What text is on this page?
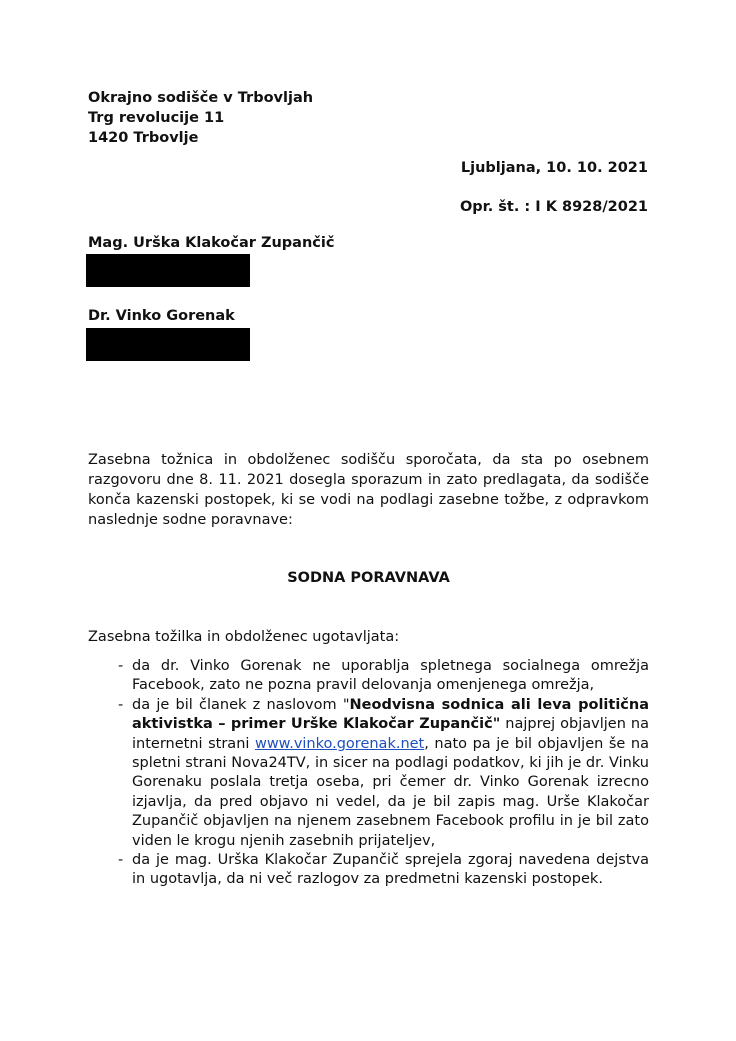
Okrajno sodišče v Trbovljah
Trg revolucije 11
1420 Trbovlje
Ljubljana, 10. 10. 2021
Opr. št. : I K 8928/2021
Mag. Urška Klakočar Zupančič
Dr. Vinko Gorenak
Zasebna tožnica in obdolženec sodišču sporočata, da sta po osebnem razgovoru dne 8. 11. 2021 dosegla sporazum in zato predlagata, da sodišče konča kazenski postopek, ki se vodi na podlagi zasebne tožbe, z odpravkom naslednje sodne poravnave:
SODNA PORAVNAVA
Zasebna tožilka in obdolženec ugotavljata:
- da dr. Vinko Gorenak ne uporablja spletnega socialnega omrežja Facebook, zato ne pozna pravil delovanja omenjenega omrežja,
- da je bil članek z naslovom "Neodvisna sodnica ali leva politična aktivistka – primer Urške Klakočar Zupančič" najprej objavljen na internetni strani www.vinko.gorenak.net, nato pa je bil objavljen še na spletni strani Nova24TV, in sicer na podlagi podatkov, ki jih je dr. Vinku Gorenaku poslala tretja oseba, pri čemer dr. Vinko Gorenak izrecno izjavlja, da pred objavo ni vedel, da je bil zapis mag. Urše Klakočar Zupančič objavljen na njenem zasebnem Facebook profilu in je bil zato viden le krogu njenih zasebnih prijateljev,
- da je mag. Urška Klakočar Zupančič sprejela zgoraj navedena dejstva in ugotavlja, da ni več razlogov za predmetni kazenski postopek.
